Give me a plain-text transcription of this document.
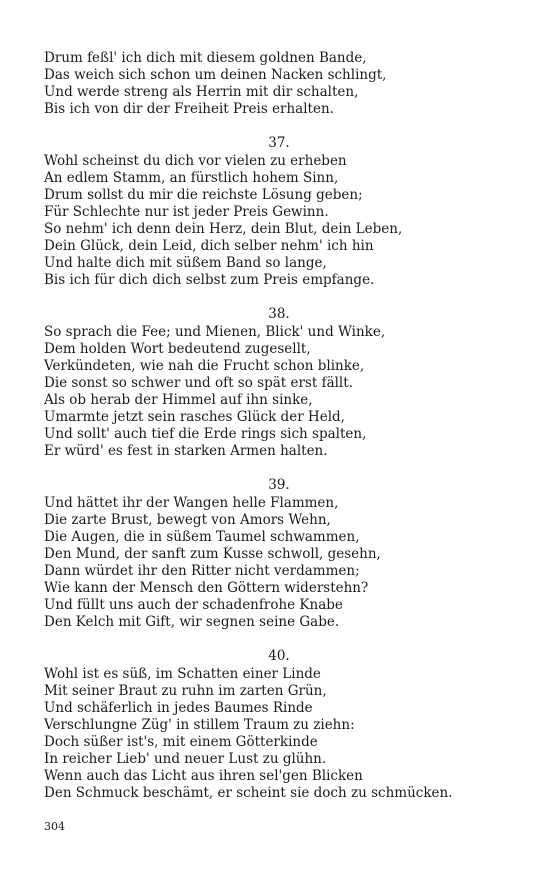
Drum feßl' ich dich mit diesem goldnen Bande,
Das weich sich schon um deinen Nacken schlingt,
Und werde streng als Herrin mit dir schalten,
Bis ich von dir der Freiheit Preis erhalten.
37.
Wohl scheinst du dich vor vielen zu erheben
An edlem Stamm, an fürstlich hohem Sinn,
Drum sollst du mir die reichste Lösung geben;
Für Schlechte nur ist jeder Preis Gewinn.
So nehm' ich denn dein Herz, dein Blut, dein Leben,
Dein Glück, dein Leid, dich selber nehm' ich hin
Und halte dich mit süßem Band so lange,
Bis ich für dich dich selbst zum Preis empfange.
38.
So sprach die Fee; und Mienen, Blick' und Winke,
Dem holden Wort bedeutend zugesellt,
Verkündeten, wie nah die Frucht schon blinke,
Die sonst so schwer und oft so spät erst fällt.
Als ob herab der Himmel auf ihn sinke,
Umarmte jetzt sein rasches Glück der Held,
Und sollt' auch tief die Erde rings sich spalten,
Er würd' es fest in starken Armen halten.
39.
Und hättet ihr der Wangen helle Flammen,
Die zarte Brust, bewegt von Amors Wehn,
Die Augen, die in süßem Taumel schwammen,
Den Mund, der sanft zum Kusse schwoll, gesehn,
Dann würdet ihr den Ritter nicht verdammen;
Wie kann der Mensch den Göttern widerstehn?
Und füllt uns auch der schadenfrohe Knabe
Den Kelch mit Gift, wir segnen seine Gabe.
40.
Wohl ist es süß, im Schatten einer Linde
Mit seiner Braut zu ruhn im zarten Grün,
Und schäferlich in jedes Baumes Rinde
Verschlungne Züg' in stillem Traum zu ziehn:
Doch süßer ist's, mit einem Götterkinde
In reicher Lieb' und neuer Lust zu glühn.
Wenn auch das Licht aus ihren sel'gen Blicken
Den Schmuck beschämt, er scheint sie doch zu schmücken.
304
